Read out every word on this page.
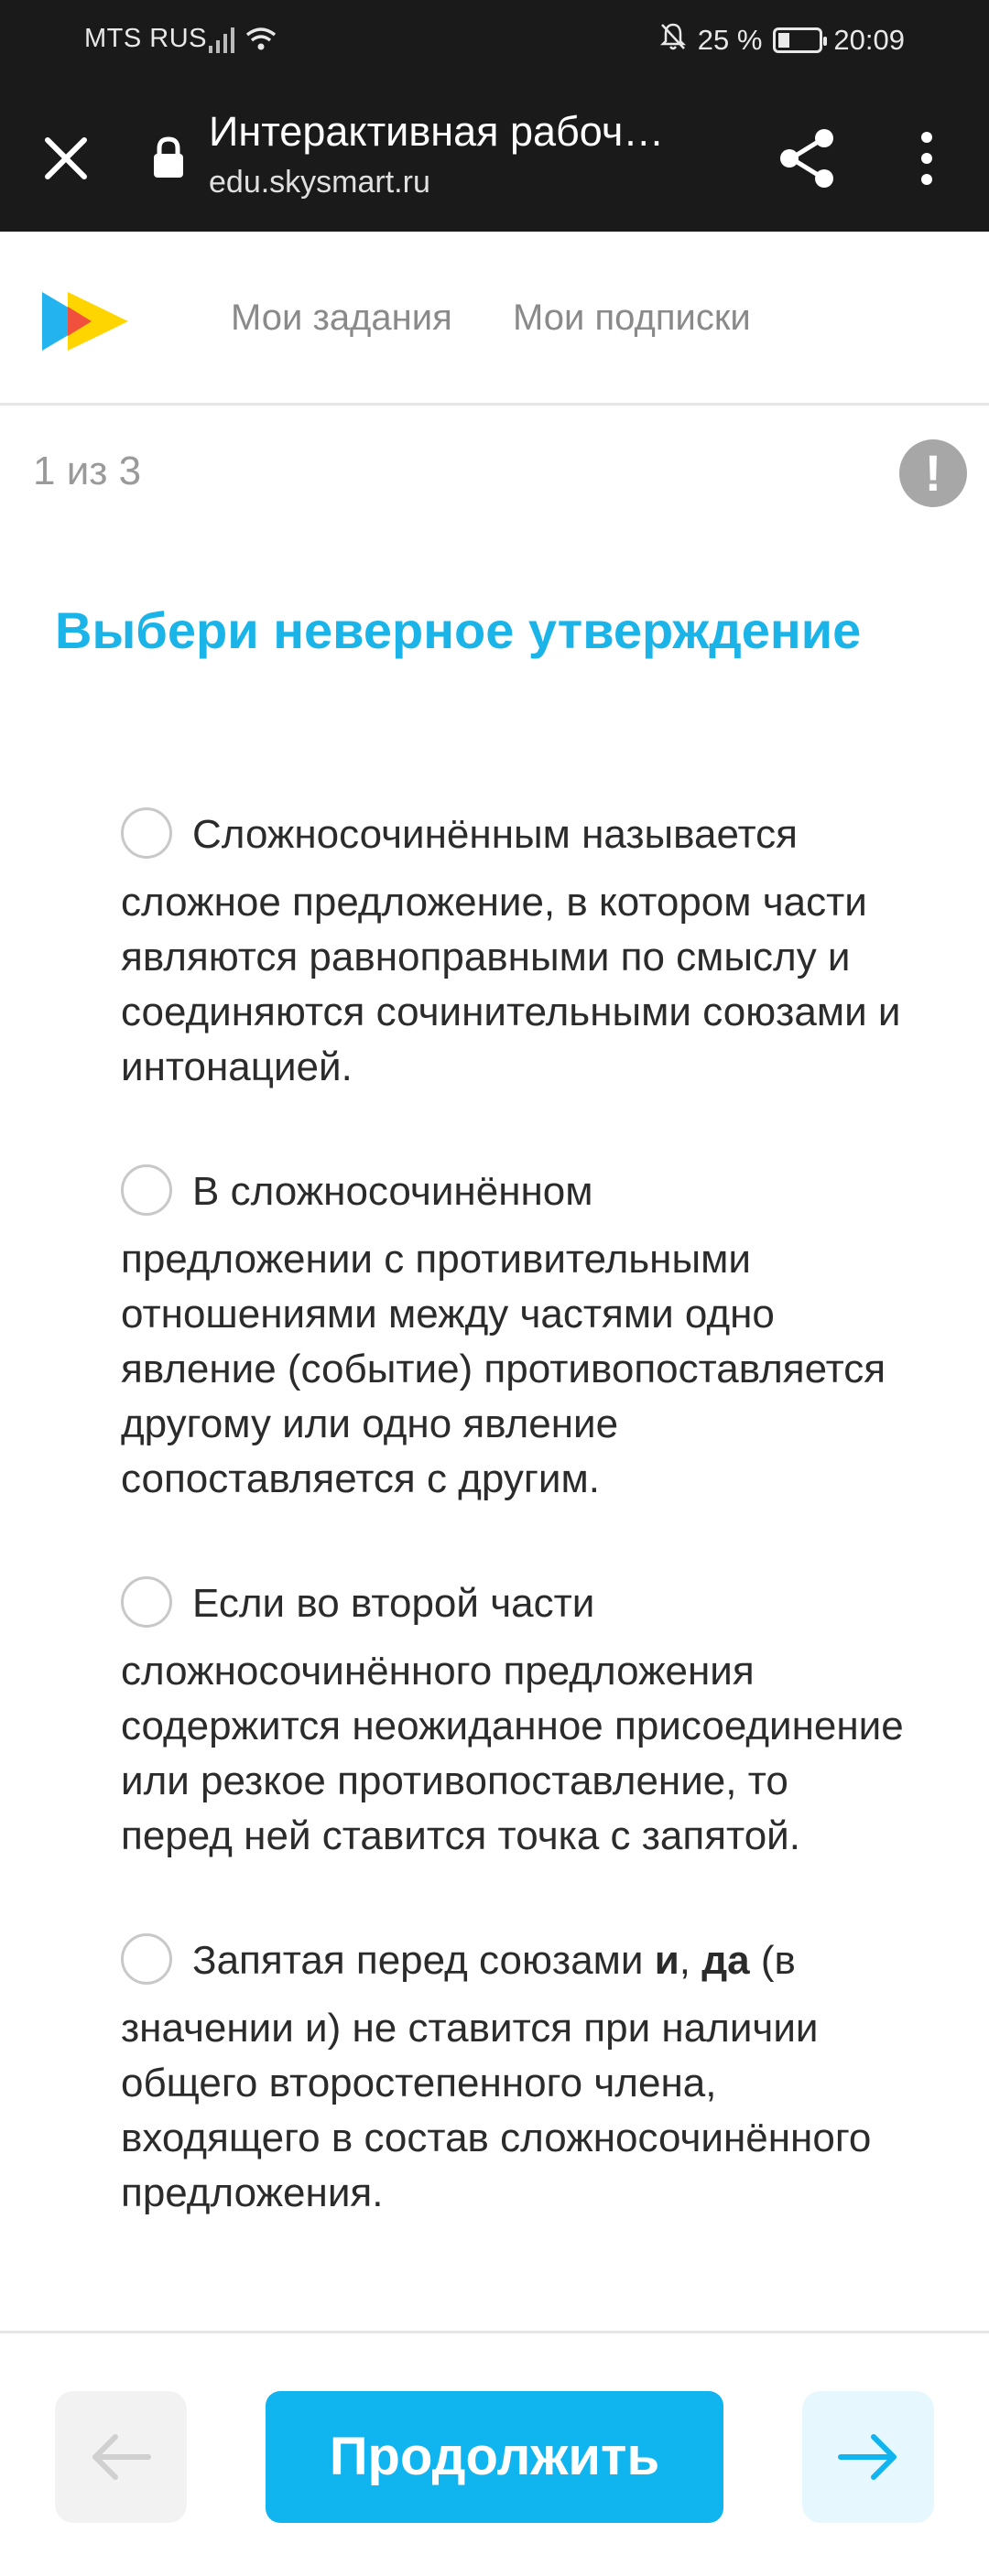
MTS RUS	25 %	20:09
Интерактивная рабоч…
edu.skysmart.ru
Мои задания Мои подписки
1 из 3	!
Выбери неверное утверждение
Сложносочинённым называется
сложное предложение, в котором части являются равноправными по смыслу и соединяются сочинительными союзами и интонацией.
В сложносочинённом
предложении с противительными отношениями между частями одно явление (событие) противопоставляется другому или одно явление сопоставляется с другим.
Если во второй части
сложносочинённого предложения содержится неожиданное присоединение или резкое противопоставление, то перед ней ставится точка с запятой.
Запятая перед союзами и, да (в
значении и) не ставится при наличии общего второстепенного члена, входящего в состав сложносочинённого предложения.
Продолжить
